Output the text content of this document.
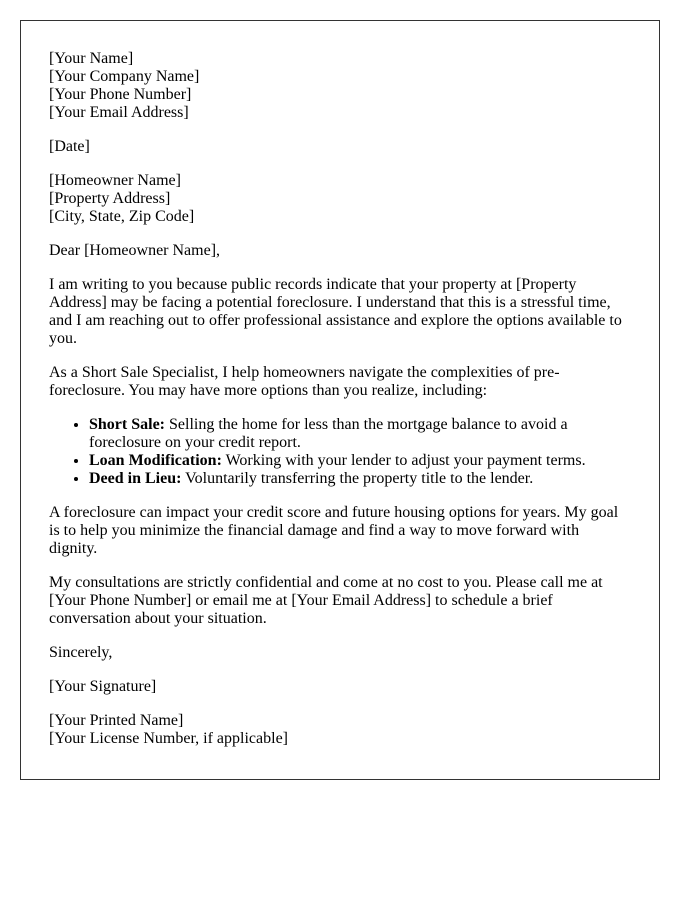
[Your Name]
[Your Company Name]
[Your Phone Number]
[Your Email Address]

[Date]

[Homeowner Name]
[Property Address]
[City, State, Zip Code]

Dear [Homeowner Name],

I am writing to you because public records indicate that your property at [Property Address] may be facing a potential foreclosure. I understand that this is a stressful time, and I am reaching out to offer professional assistance and explore the options available to you.

As a Short Sale Specialist, I help homeowners navigate the complexities of pre-foreclosure. You may have more options than you realize, including:

• Short Sale: Selling the home for less than the mortgage balance to avoid a foreclosure on your credit report.
• Loan Modification: Working with your lender to adjust your payment terms.
• Deed in Lieu: Voluntarily transferring the property title to the lender.

A foreclosure can impact your credit score and future housing options for years. My goal is to help you minimize the financial damage and find a way to move forward with dignity.

My consultations are strictly confidential and come at no cost to you. Please call me at [Your Phone Number] or email me at [Your Email Address] to schedule a brief conversation about your situation.

Sincerely,

[Your Signature]

[Your Printed Name]
[Your License Number, if applicable]
